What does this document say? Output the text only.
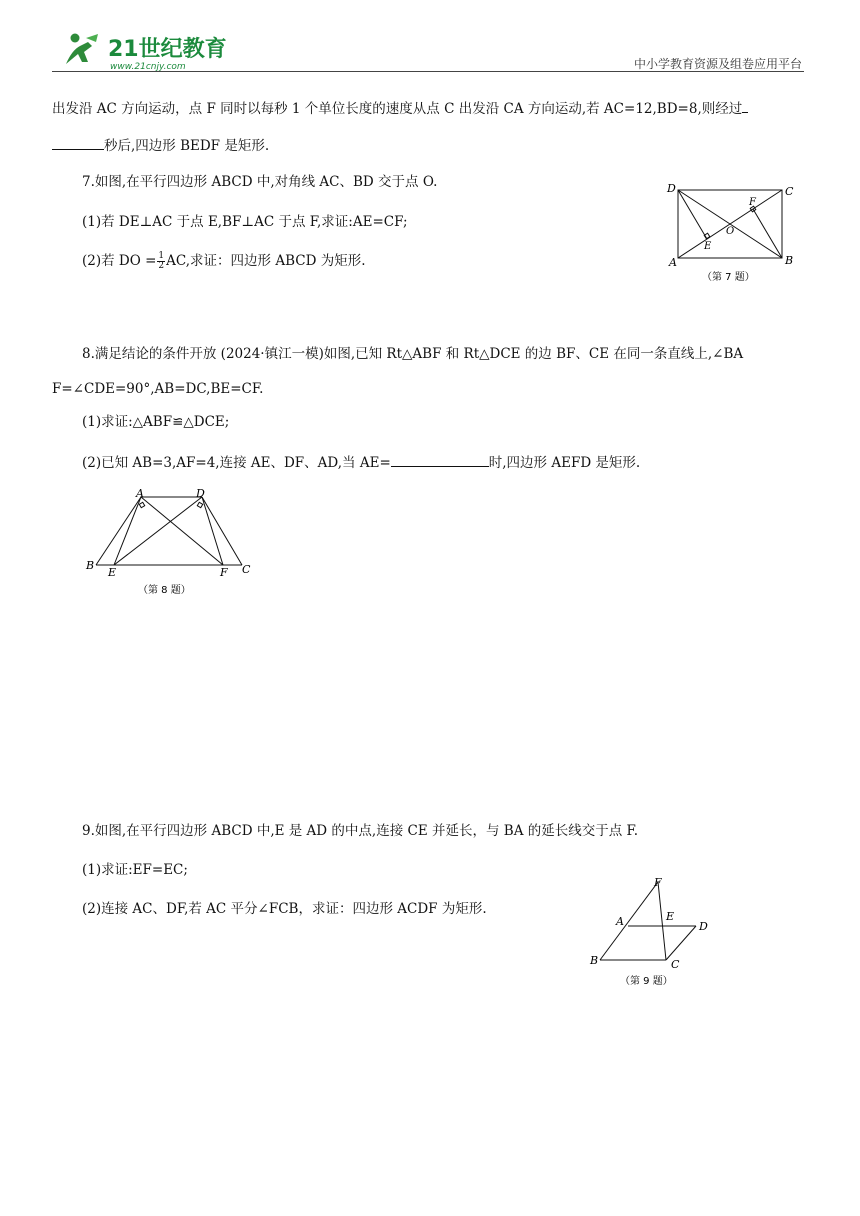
21世纪教育
www.21cnjy.com	中小学教育资源及组卷应用平台
出发沿 AC 方向运动，点 F 同时以每秒 1 个单位长度的速度从点 C 出发沿 CA 方向运动,若 AC=12,BD=8,则经过
秒后,四边形 BEDF 是矩形.
7.如图,在平行四边形 ABCD 中,对角线 AC、BD 交于点 O.
(1)若 DE⊥AC 于点 E,BF⊥AC 于点 F,求证:AE=CF;
(2)若 DO = $\frac{1}{2}$ AC,求证：四边形 ABCD 为矩形.
D	C
A	B
F
E
O
（第 7 题）
8.满足结论的条件开放 (2024·镇江一模)如图,已知 Rt△ABF 和 Rt△DCE 的边 BF、CE 在同一条直线上,∠BA
F=∠CDE=90°,AB=DC,BE=CF.
(1)求证:△ABF≌△DCE;
(2)已知 AB=3,AF=4,连接 AE、DF、AD,当 AE=	时,四边形 AEFD 是矩形.
A	D
B
E	F C
（第 8 题）
9.如图,在平行四边形 ABCD 中,E 是 AD 的中点,连接 CE 并延长，与 BA 的延长线交于点 F.
(1)求证:EF=EC;
(2)连接 AC、DF,若 AC 平分∠FCB，求证：四边形 ACDF 为矩形.
F
A	E
D
B	C
（第 9 题）
